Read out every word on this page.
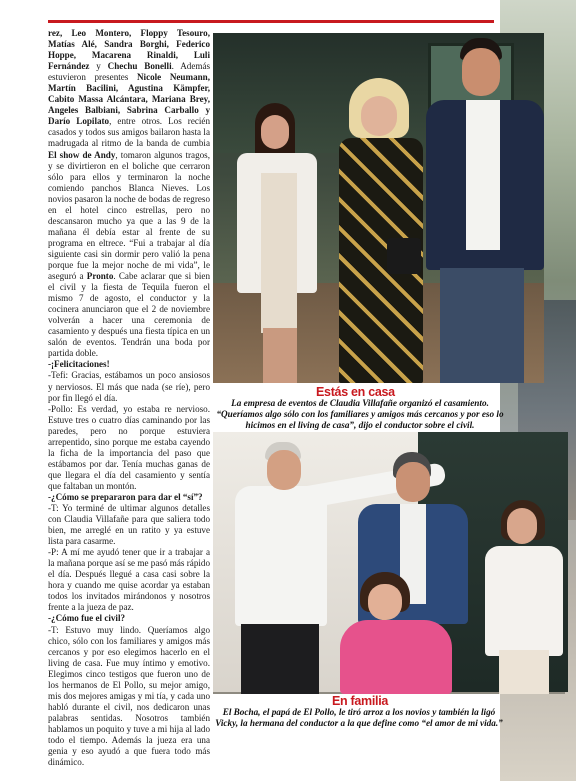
rez, Leo Montero, Floppy Tesouro, Matías Alé, Sandra Borghi, Federico Hoppe, Macarena Rinaldi, Luli Fernández y Chechu Bonelli. Además estuvieron presentes Nicole Neumann, Martín Bacilini, Agustina Kämpfer, Cabito Massa Alcántara, Mariana Brey, Angeles Balbiani, Sabrina Carballo y Darío Lopilato, entre otros. Los recién casados y todos sus amigos bailaron hasta la madrugada al ritmo de la banda de cumbia El show de Andy, tomaron algunos tragos, y se divirtieron en el boliche que cerraron sólo para ellos y terminaron la noche comiendo panchos Blanca Nieves. Los novios pasaron la noche de bodas de regreso en el hotel cinco estrellas, pero no descansaron mucho ya que a las 9 de la mañana él debía estar al frente de su programa en eltrece. “Fui a trabajar al día siguiente casi sin dormir pero valió la pena porque fue la mejor noche de mi vida”, le aseguró a Pronto. Cabe aclarar que si bien el civil y la fiesta de Tequila fueron el mismo 7 de agosto, el conductor y la cocinera anunciaron que el 2 de noviembre volverán a hacer una ceremonia de casamiento y después una fiesta típica en un salón de eventos. Tendrán una boda por partida doble.

-¡Felicitaciones!

-Tefi: Gracias, estábamos un poco ansiosos y nerviosos. El más que nada (se ríe), pero por fin llegó el día.

-Pollo: Es verdad, yo estaba re nervioso. Estuve tres o cuatro días caminando por las paredes, pero no porque estuviera arrepentido, sino porque me estaba cayendo la ficha de la importancia del paso que estábamos por dar. Tenía muchas ganas de que llegara el día del casamiento y sentía que faltaban un montón.

-¿Cómo se prepararon para dar el “sí”?

-T: Yo terminé de ultimar algunos detalles con Claudia Villafañe para que saliera todo bien, me arreglé en un ratito y ya estuve lista para casarme.

-P: A mí me ayudó tener que ir a trabajar a la mañana porque así se me pasó más rápido el día. Después llegué a casa casi sobre la hora y cuando me quise acordar ya estaban todos los invitados mirándonos y nosotros frente a la jueza de paz.

-¿Cómo fue el civil?

-T: Estuvo muy lindo. Queríamos algo chico, sólo con los familiares y amigos más cercanos y por eso elegimos hacerlo en el living de casa. Fue muy íntimo y emotivo. Elegimos cinco testigos que fueron uno de los hermanos de El Pollo, su mejor amigo, mis dos mejores amigas y mi tía, y cada uno habló durante el civil, nos dedicaron unas palabras sentidas. Nosotros también hablamos un poquito y tuve a mi hija al lado todo el tiempo. Además la jueza era una genia y eso ayudó a que fuera todo más dinámico.

Estás en casa
La empresa de eventos de Claudia Villafañe organizó el casamiento. “Queríamos algo sólo con los familiares y amigos más cercanos y por eso lo hicimos en el living de casa”, dijo el conductor sobre el civil.
En familia
El Bocha, el papá de El Pollo, le tiró arroz a los novios y también la ligó Vicky, la hermana del conductor a la que define como “el amor de mi vida.”
